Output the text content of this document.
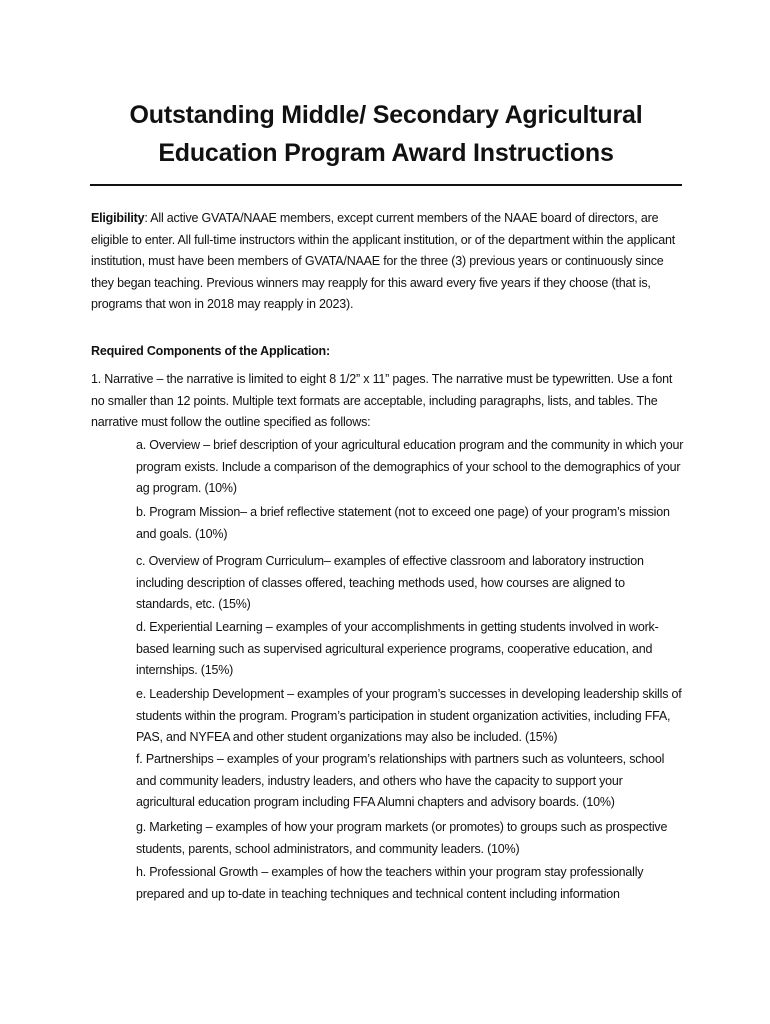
Outstanding Middle/ Secondary Agricultural
Education Program Award Instructions

Eligibility: All active GVATA/NAAE members, except current members of the NAAE board of directors, are eligible to enter. All full-time instructors within the applicant institution, or of the department within the applicant institution, must have been members of GVATA/NAAE for the three (3) previous years or continuously since they began teaching. Previous winners may reapply for this award every five years if they choose (that is, programs that won in 2018 may reapply in 2023).

Required Components of the Application:

1. Narrative – the narrative is limited to eight 8 1/2” x 11” pages. The narrative must be typewritten. Use a font no smaller than 12 points. Multiple text formats are acceptable, including paragraphs, lists, and tables. The narrative must follow the outline specified as follows:

a. Overview – brief description of your agricultural education program and the community in which your program exists. Include a comparison of the demographics of your school to the demographics of your ag program. (10%)

b. Program Mission– a brief reflective statement (not to exceed one page) of your program’s mission and goals. (10%)

c. Overview of Program Curriculum– examples of effective classroom and laboratory instruction including description of classes offered, teaching methods used, how courses are aligned to standards, etc. (15%)

d. Experiential Learning – examples of your accomplishments in getting students involved in work-based learning such as supervised agricultural experience programs, cooperative education, and internships. (15%)

e. Leadership Development – examples of your program’s successes in developing leadership skills of students within the program. Program’s participation in student organization activities, including FFA, PAS, and NYFEA and other student organizations may also be included. (15%)

f. Partnerships – examples of your program’s relationships with partners such as volunteers, school and community leaders, industry leaders, and others who have the capacity to support your agricultural education program including FFA Alumni chapters and advisory boards. (10%)

g. Marketing – examples of how your program markets (or promotes) to groups such as prospective students, parents, school administrators, and community leaders. (10%)

h. Professional Growth – examples of how the teachers within your program stay professionally prepared and up to-date in teaching techniques and technical content including information
